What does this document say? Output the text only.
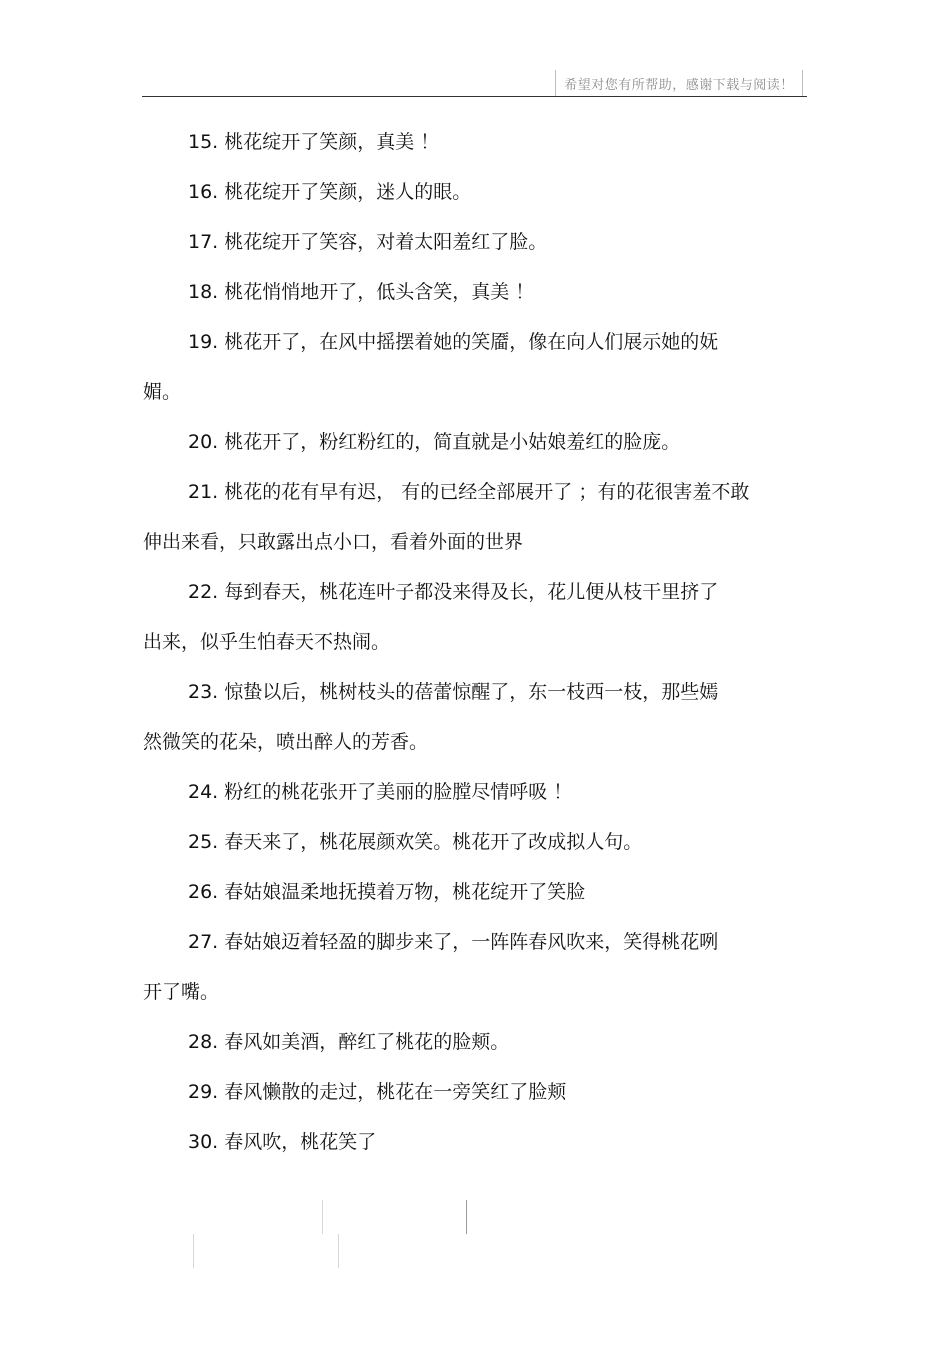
希望对您有所帮助，感谢下载与阅读！

15. 桃花绽开了笑颜，真美 ！

16. 桃花绽开了笑颜，迷人的眼。

17. 桃花绽开了笑容，对着太阳羞红了脸。

18. 桃花悄悄地开了，低头含笑，真美 ！

19. 桃花开了，在风中摇摆着她的笑靥，像在向人们展示她的妩
媚。

20. 桃花开了，粉红粉红的，简直就是小姑娘羞红的脸庞。

21. 桃花的花有早有迟， 有的已经全部展开了 ；有的花很害羞不敢
伸出来看，只敢露出点小口，看着外面的世界

22. 每到春天，桃花连叶子都没来得及长，花儿便从枝干里挤了
出来，似乎生怕春天不热闹。

23. 惊蛰以后，桃树枝头的蓓蕾惊醒了，东一枝西一枝，那些嫣
然微笑的花朵，喷出醉人的芳香。

24. 粉红的桃花张开了美丽的脸膛尽情呼吸 ！

25. 春天来了，桃花展颜欢笑。桃花开了改成拟人句。

26. 春姑娘温柔地抚摸着万物，桃花绽开了笑脸

27. 春姑娘迈着轻盈的脚步来了，一阵阵春风吹来，笑得桃花咧
开了嘴。

28. 春风如美酒，醉红了桃花的脸颊。

29. 春风懒散的走过，桃花在一旁笑红了脸颊

30. 春风吹，桃花笑了
